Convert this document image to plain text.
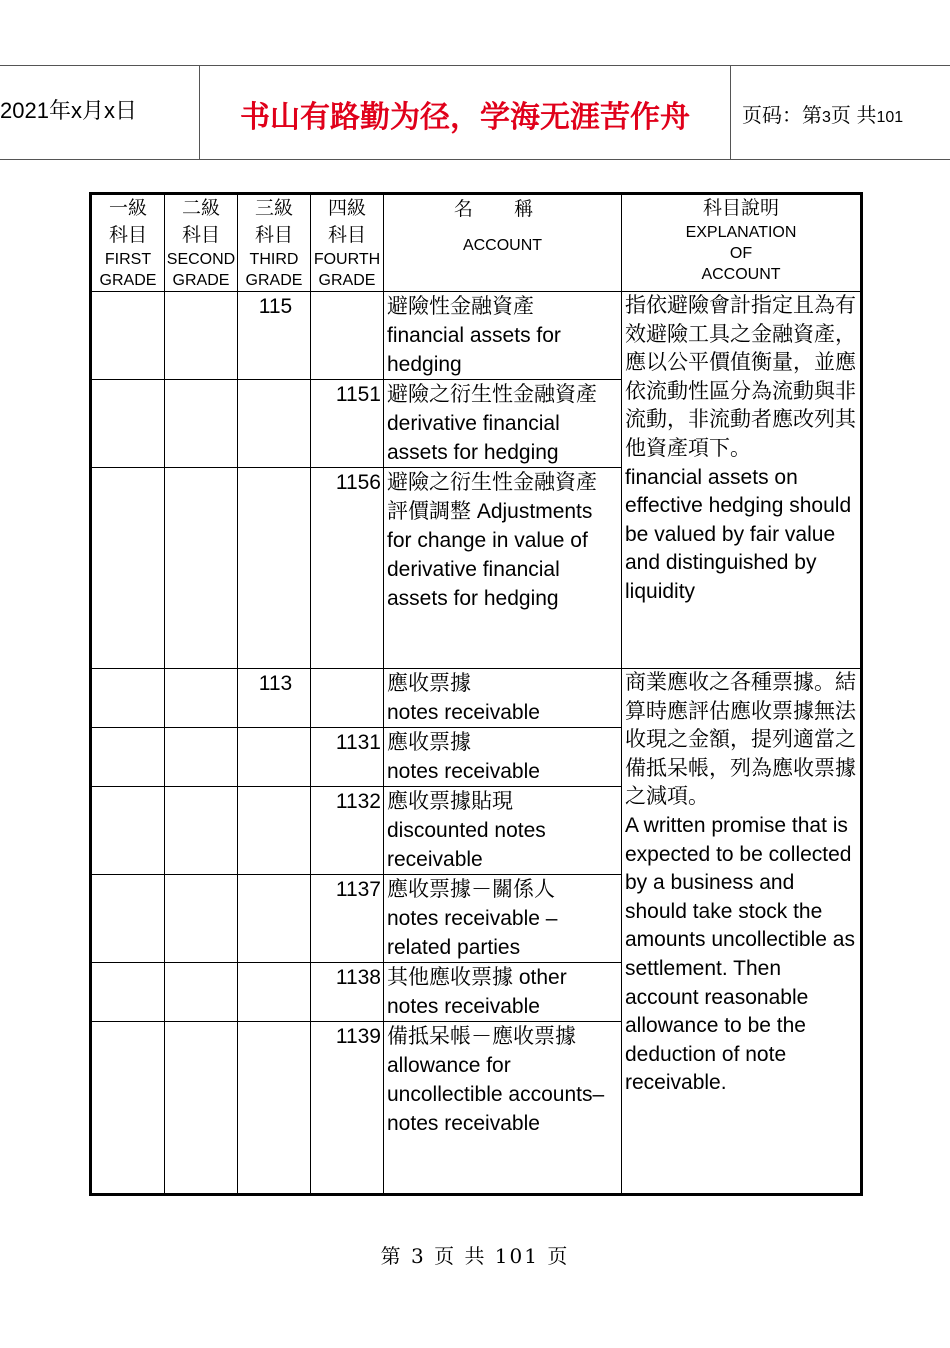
2021年x月x日	书山有路勤为径，学海无涯苦作舟	页码：第3页 共101
一級
科目
FIRST
GRADE	二級
科目
SECOND
GRADE	三級
科目
THIRD
GRADE	四級
科目
FOURTH
GRADE	名 稱
ACCOUNT	科目說明
EXPLANATION
OF
ACCOUNT

		115		避險性金融資產
financial assets for
hedging	指依避險會計指定且為有效避險工具之金融資產，應以公平價值衡量，並應依流動性區分為流動與非流動，非流動者應改列其他資產項下。
financial assets on effective hedging should be valued by fair value and distinguished by liquidity
			1151	避險之衍生性金融資產
derivative financial
assets for hedging	
			1156	避險之衍生性金融資產
評價調整 Adjustments
for change in value of
derivative financial
assets for hedging	
		113		應收票據
notes receivable	商業應收之各種票據。結算時應評估應收票據無法收現之金額，提列適當之備抵呆帳，列為應收票據之減項。
A written promise that is expected to be collected by a business and should take stock the amounts uncollectible as settlement. Then account reasonable allowance to be the deduction of note receivable.
			1131	應收票據
notes receivable	
			1132	應收票據貼現
discounted notes
receivable	
			1137	應收票據－關係人
notes receivable –
related parties	
			1138	其他應收票據 other
notes receivable	
			1139	備抵呆帳－應收票據
allowance for
uncollectible accounts–
notes receivable	
第 3 页 共 101 页
